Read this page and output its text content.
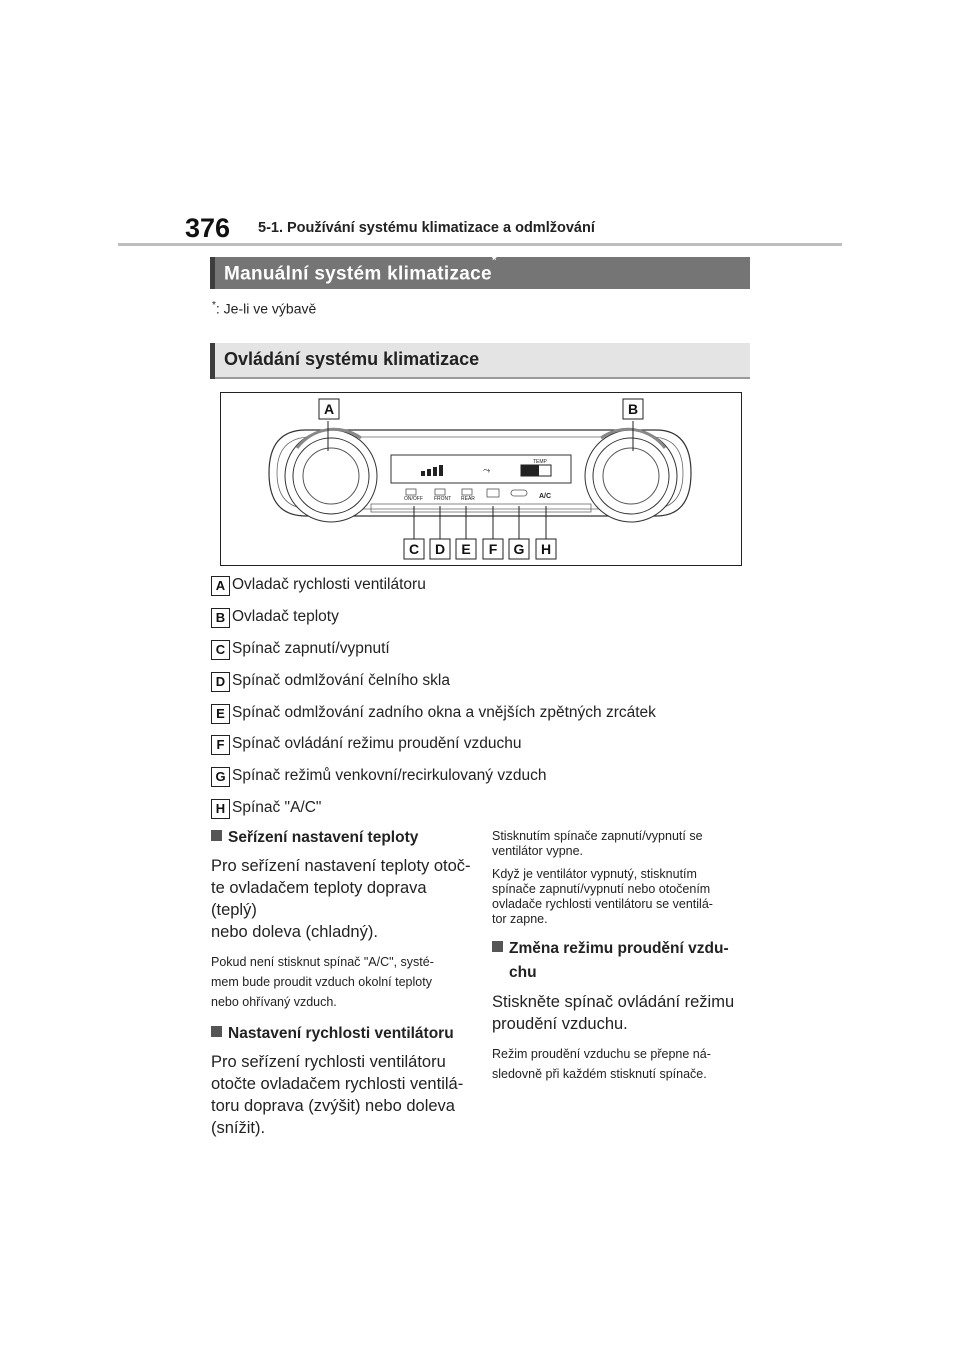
376 5-1. Používání systému klimatizace a odmlžování
Manuální systém klimatizace*
*: Je-li ve výbavě
Ovládání systému klimatizace
TEMP
⤳
ON/OFF FRONT REAR	A/C
A	B
C D E F G H
A Ovladač rychlosti ventilátoru
B Ovladač teploty
C Spínač zapnutí/vypnutí
D Spínač odmlžování čelního skla
E Spínač odmlžování zadního okna a vnějších zpětných zrcátek
F Spínač ovládání režimu proudění vzduchu
G Spínač režimů venkovní/recirkulovaný vzduch
H Spínač "A/C"
Seřízení nastavení teploty

Pro seřízení nastavení teploty otoč-
te ovladačem teploty doprava (teplý)
nebo doleva (chladný).

Pokud není stisknut spínač "A/C", systé-
mem bude proudit vzduch okolní teploty
nebo ohřívaný vzduch.

Nastavení rychlosti ventilátoru

Pro seřízení rychlosti ventilátoru
otočte ovladačem rychlosti ventilá-
toru doprava (zvýšit) nebo doleva
(snížit).

Stisknutím spínače zapnutí/vypnutí se
ventilátor vypne.

Když je ventilátor vypnutý, stisknutím
spínače zapnutí/vypnutí nebo otočením
ovladače rychlosti ventilátoru se ventilá-
tor zapne.

Změna režimu proudění vzdu-
chu

Stiskněte spínač ovládání režimu
proudění vzduchu.

Režim proudění vzduchu se přepne ná-
sledovně při každém stisknutí spínače.
